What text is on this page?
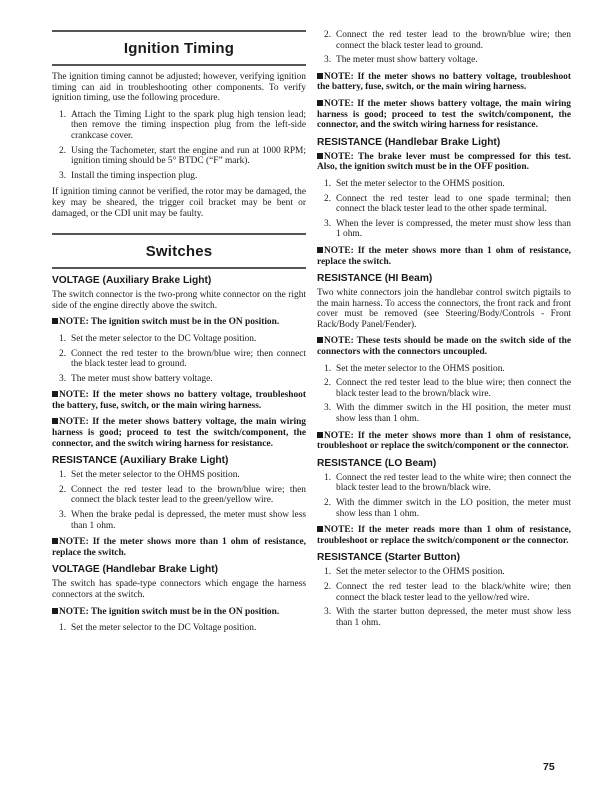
Ignition Timing

The ignition timing cannot be adjusted; however, verifying ignition timing can aid in troubleshooting other components. To verify ignition timing, use the following procedure.

1. Attach the Timing Light to the spark plug high tension lead; then remove the timing inspection plug from the left-side crankcase cover.
2. Using the Tachometer, start the engine and run at 1000 RPM; ignition timing should be 5° BTDC (“F” mark).
3. Install the timing inspection plug.

If ignition timing cannot be verified, the rotor may be damaged, the key may be sheared, the trigger coil bracket may be bent or damaged, or the CDI unit may be faulty.

Switches
VOLTAGE (Auxiliary Brake Light)

The switch connector is the two-prong white connector on the right side of the engine directly above the switch.

NOTE: The ignition switch must be in the ON position.

1. Set the meter selector to the DC Voltage position.
2. Connect the red tester to the brown/blue wire; then connect the black tester lead to ground.
3. The meter must show battery voltage.

NOTE: If the meter shows no battery voltage, troubleshoot the battery, fuse, switch, or the main wiring harness.

NOTE: If the meter shows battery voltage, the main wiring harness is good; proceed to test the switch/component, the connector, and the switch wiring harness for resistance.

RESISTANCE (Auxiliary Brake Light)
1. Set the meter selector to the OHMS position.
2. Connect the red tester lead to the brown/blue wire; then connect the black tester lead to the green/yellow wire.
3. When the brake pedal is depressed, the meter must show less than 1 ohm.

NOTE: If the meter shows more than 1 ohm of resistance, replace the switch.

VOLTAGE (Handlebar Brake Light)

The switch has spade-type connectors which engage the harness connectors at the switch.

NOTE: The ignition switch must be in the ON position.

1. Set the meter selector to the DC Voltage position.
2. Connect the red tester lead to the brown/blue wire; then connect the black tester lead to ground.
3. The meter must show battery voltage.

NOTE: If the meter shows no battery voltage, troubleshoot the battery, fuse, switch, or the main wiring harness.

NOTE: If the meter shows battery voltage, the main wiring harness is good; proceed to test the switch/component, the connector, and the switch wiring harness for resistance.

RESISTANCE (Handlebar Brake Light)

NOTE: The brake lever must be compressed for this test. Also, the ignition switch must be in the OFF position.

1. Set the meter selector to the OHMS position.
2. Connect the red tester lead to one spade terminal; then connect the black tester lead to the other spade terminal.
3. When the lever is compressed, the meter must show less than 1 ohm.

NOTE: If the meter shows more than 1 ohm of resistance, replace the switch.

RESISTANCE (HI Beam)

Two white connectors join the handlebar control switch pigtails to the main harness. To access the connectors, the front rack and front cover must be removed (see Steering/Body/Controls - Front Rack/Body Panel/Fender).

NOTE: These tests should be made on the switch side of the connectors with the connectors uncoupled.

1. Set the meter selector to the OHMS position.
2. Connect the red tester lead to the blue wire; then connect the black tester lead to the brown/black wire.
3. With the dimmer switch in the HI position, the meter must show less than 1 ohm.

NOTE: If the meter shows more than 1 ohm of resistance, troubleshoot or replace the switch/component or the connector.

RESISTANCE (LO Beam)
1. Connect the red tester lead to the white wire; then connect the black tester lead to the brown/black wire.
2. With the dimmer switch in the LO position, the meter must show less than 1 ohm.

NOTE: If the meter reads more than 1 ohm of resistance, troubleshoot or replace the switch/component or the connector.

RESISTANCE (Starter Button)
1. Set the meter selector to the OHMS position.
2. Connect the red tester lead to the black/white wire; then connect the black tester lead to the yellow/red wire.
3. With the starter button depressed, the meter must show less than 1 ohm.
75
